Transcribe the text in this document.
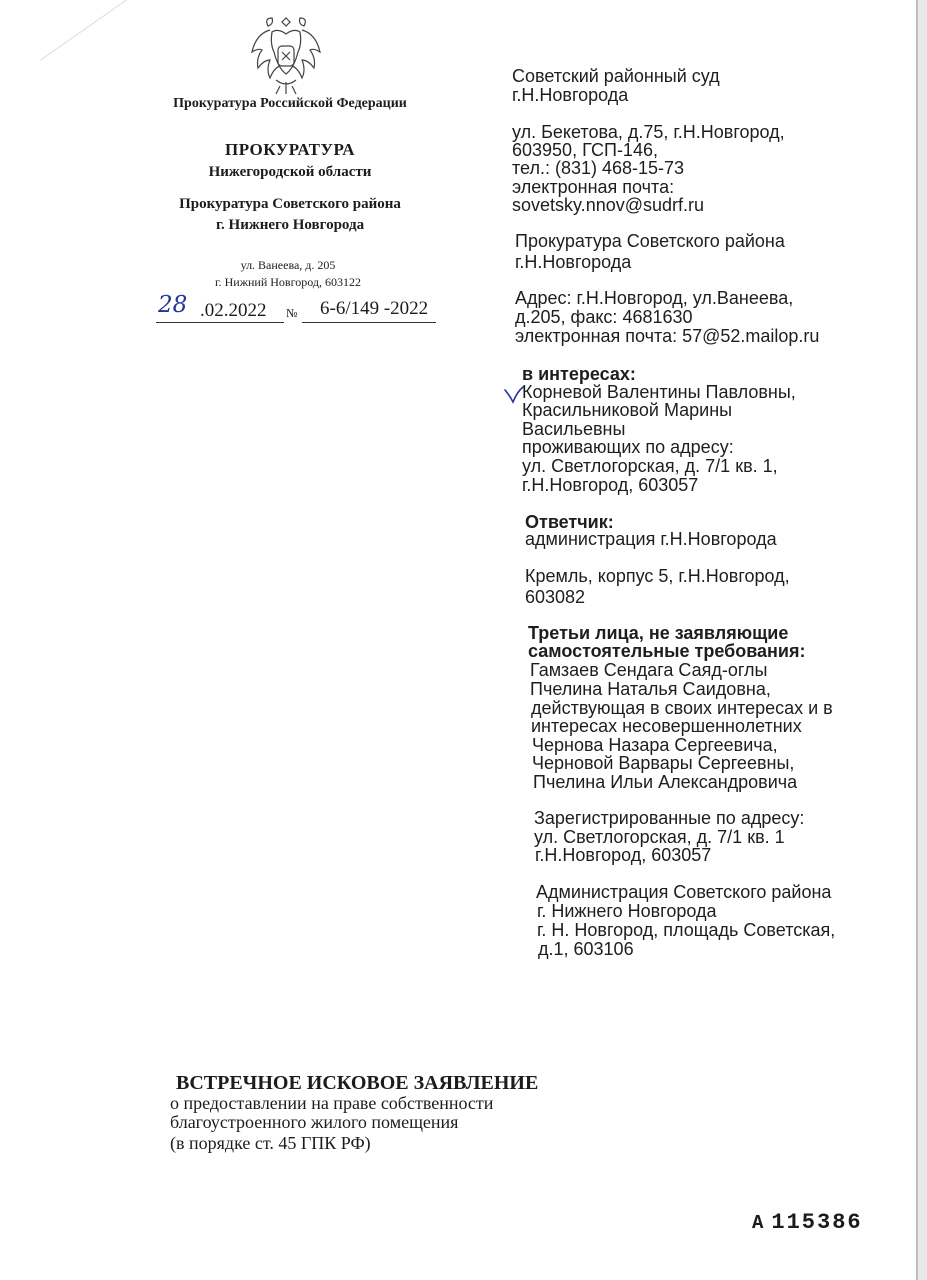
Прокуратура Российской Федерации
ПРОКУРАТУРА
Нижегородской области
Прокуратура Советского района
г. Нижнего Новгорода
ул. Ванеева, д. 205
г. Нижний Новгород, 603122
28 .02.2022 № 6-6/149 -2022
Советский районный суд
г.Н.Новгорода
ул. Бекетова, д.75, г.Н.Новгород,
603950, ГСП-146,
тел.: (831) 468-15-73
электронная почта:
sovetsky.nnov@sudrf.ru
Прокуратура Советского района
г.Н.Новгорода
Адрес: г.Н.Новгород, ул.Ванеева,
д.205, факс: 4681630
электронная почта: 57@52.mailop.ru
в интересах:
Корневой Валентины Павловны,
Красильниковой Марины
Васильевны
проживающих по адресу:
ул. Светлогорская, д. 7/1 кв. 1,
г.Н.Новгород, 603057
Ответчик:
администрация г.Н.Новгорода
Кремль, корпус 5, г.Н.Новгород,
603082
Третьи лица, не заявляющие
самостоятельные требования:
Гамзаев Сендага Саяд-оглы
Пчелина Наталья Саидовна,
действующая в своих интересах и в
интересах несовершеннолетних
Чернова Назара Сергеевича,
Черновой Варвары Сергеевны,
Пчелина Ильи Александровича
Зарегистрированные по адресу:
ул. Светлогорская, д. 7/1 кв. 1
г.Н.Новгород, 603057
Администрация Советского района
г. Нижнего Новгорода
г. Н. Новгород, площадь Советская,
д.1, 603106
ВСТРЕЧНОЕ ИСКОВОЕ ЗАЯВЛЕНИЕ
о предоставлении на праве собственности
благоустроенного жилого помещения
(в порядке ст. 45 ГПК РФ)
А 115386
